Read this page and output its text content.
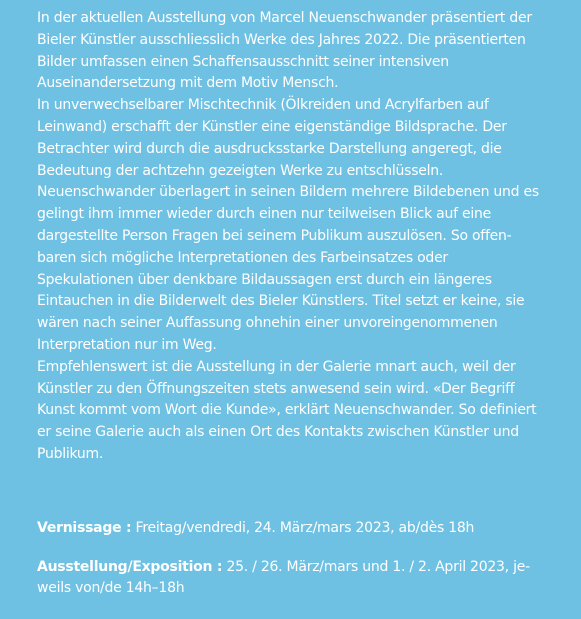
In der aktuellen Ausstellung von Marcel Neuenschwander präsentiert der Bieler Künstler ausschliesslich Werke des Jahres 2022. Die präsentierten Bilder umfassen einen Schaffensausschnitt seiner intensiven Auseinandersetzung mit dem Motiv Mensch.

In unverwechselbarer Mischtechnik (Ölkreiden und Acrylfarben auf Leinwand) erschafft der Künstler eine eigenständige Bildsprache. Der Betrachter wird durch die ausdrucksstarke Darstellung angeregt, die Bedeutung der achtzehn gezeigten Werke zu entschlüsseln.

Neuenschwander überlagert in seinen Bildern mehrere Bildebenen und es gelingt ihm immer wieder durch einen nur teilweisen Blick auf eine dargestellte Person Fragen bei seinem Publikum auszulösen. So offenbaren sich mögliche Interpretationen des Farbeinsatzes oder Spekulationen über denkbare Bildaussagen erst durch ein längeres Eintauchen in die Bilderwelt des Bieler Künstlers. Titel setzt er keine, sie wären nach seiner Auffassung ohnehin einer unvoreingenommenen Interpretation nur im Weg.

Empfehlenswert ist die Ausstellung in der Galerie mnart auch, weil der Künstler zu den Öffnungszeiten stets anwesend sein wird. «Der Begriff Kunst kommt vom Wort die Kunde», erklärt Neuenschwander. So definiert er seine Galerie auch als einen Ort des Kontakts zwischen Künstler und Publikum.

Vernissage : Freitag/vendredi, 24. März/mars 2023, ab/dès 18h

Ausstellung/Exposition : 25. / 26. März/mars und 1. / 2. April 2023, jeweils von/de 14h–18h
